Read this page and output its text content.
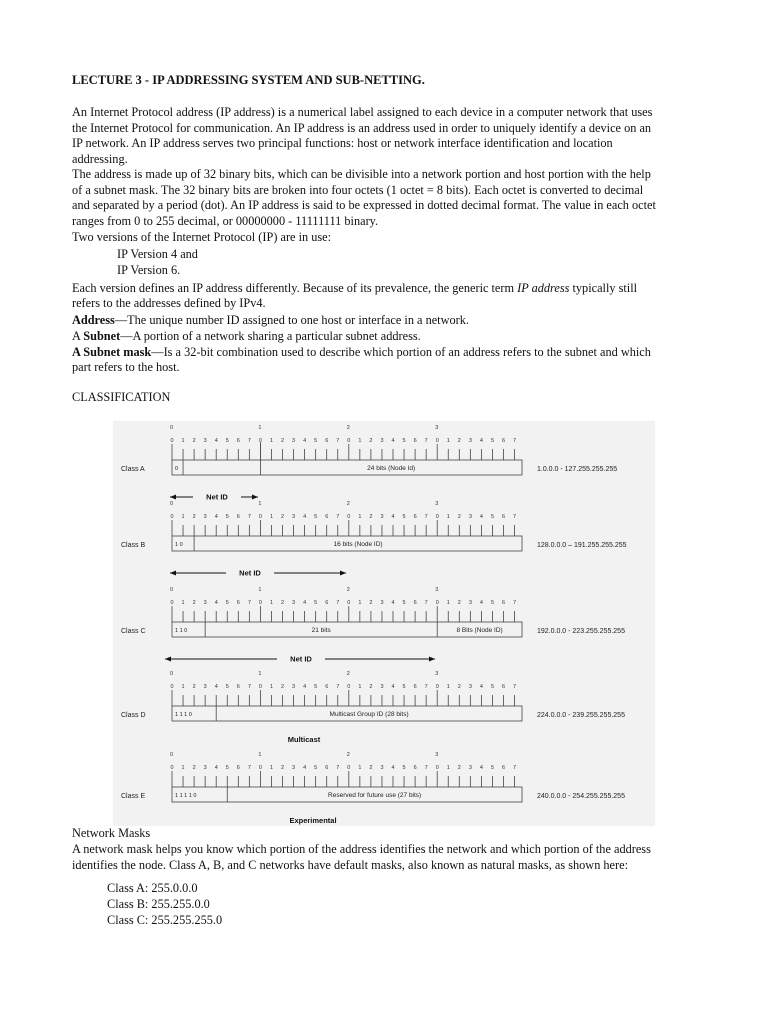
LECTURE 3 - IP ADDRESSING SYSTEM AND SUB-NETTING.
An Internet Protocol address (IP address) is a numerical label assigned to each device in a computer network that uses
the Internet Protocol for communication. An IP address is an address used in order to uniquely identify a device on an
IP network. An IP address serves two principal functions: host or network interface identification and location
addressing.
The address is made up of 32 binary bits, which can be divisible into a network portion and host portion with the help
of a subnet mask. The 32 binary bits are broken into four octets (1 octet = 8 bits). Each octet is converted to decimal
and separated by a period (dot). An IP address is said to be expressed in dotted decimal format. The value in each octet
ranges from 0 to 255 decimal, or 00000000 - 11111111 binary.
Two versions of the Internet Protocol (IP) are in use:
IP Version 4 and
IP Version 6.
Each version defines an IP address differently. Because of its prevalence, the generic term IP address typically still
refers to the addresses defined by IPv4.
Address—The unique number ID assigned to one host or interface in a network.
A Subnet—A portion of a network sharing a particular subnet address.
A Subnet mask—Is a 32-bit combination used to describe which portion of an address refers to the subnet and which
part refers to the host.
CLASSIFICATION
0	1	2	3
0 1 2 3 4 5 6 7 0 1 2 3 4 5 6 7 0 1 2 3 4 5 6 7 0 1 2 3 4 5 6 7
Class A	0	24 bits (Node Id)	1.0.0.0 - 127.255.255.255
Net ID
0	1	2	3
0 1 2 3 4 5 6 7 0 1 2 3 4 5 6 7 0 1 2 3 4 5 6 7 0 1 2 3 4 5 6 7
Class B	1 0	16 bits (Node ID)	128.0.0.0 – 191.255.255.255
Net ID
0	1	2	3
0 1 2 3 4 5 6 7 0 1 2 3 4 5 6 7 0 1 2 3 4 5 6 7 0 1 2 3 4 5 6 7
Class C	1 1 0	21 bits	8 Bits (Node ID)	192.0.0.0 - 223.255.255.255
Net ID
0	1	2	3
0 1 2 3 4 5 6 7 0 1 2 3 4 5 6 7 0 1 2 3 4 5 6 7 0 1 2 3 4 5 6 7
Class D	1 1 1 0	Multicast Group ID (28 bits)	224.0.0.0 - 239.255.255.255
Multicast
0	1	2	3
0 1 2 3 4 5 6 7 0 1 2 3 4 5 6 7 0 1 2 3 4 5 6 7 0 1 2 3 4 5 6 7
Class E	1 1 1 1 0	Reserved for future use (27 bits)	240.0.0.0 - 254.255.255.255
Experimental
Network Masks
A network mask helps you know which portion of the address identifies the network and which portion of the address
identifies the node. Class A, B, and C networks have default masks, also known as natural masks, as shown here:
Class A: 255.0.0.0
Class B: 255.255.0.0
Class C: 255.255.255.0
